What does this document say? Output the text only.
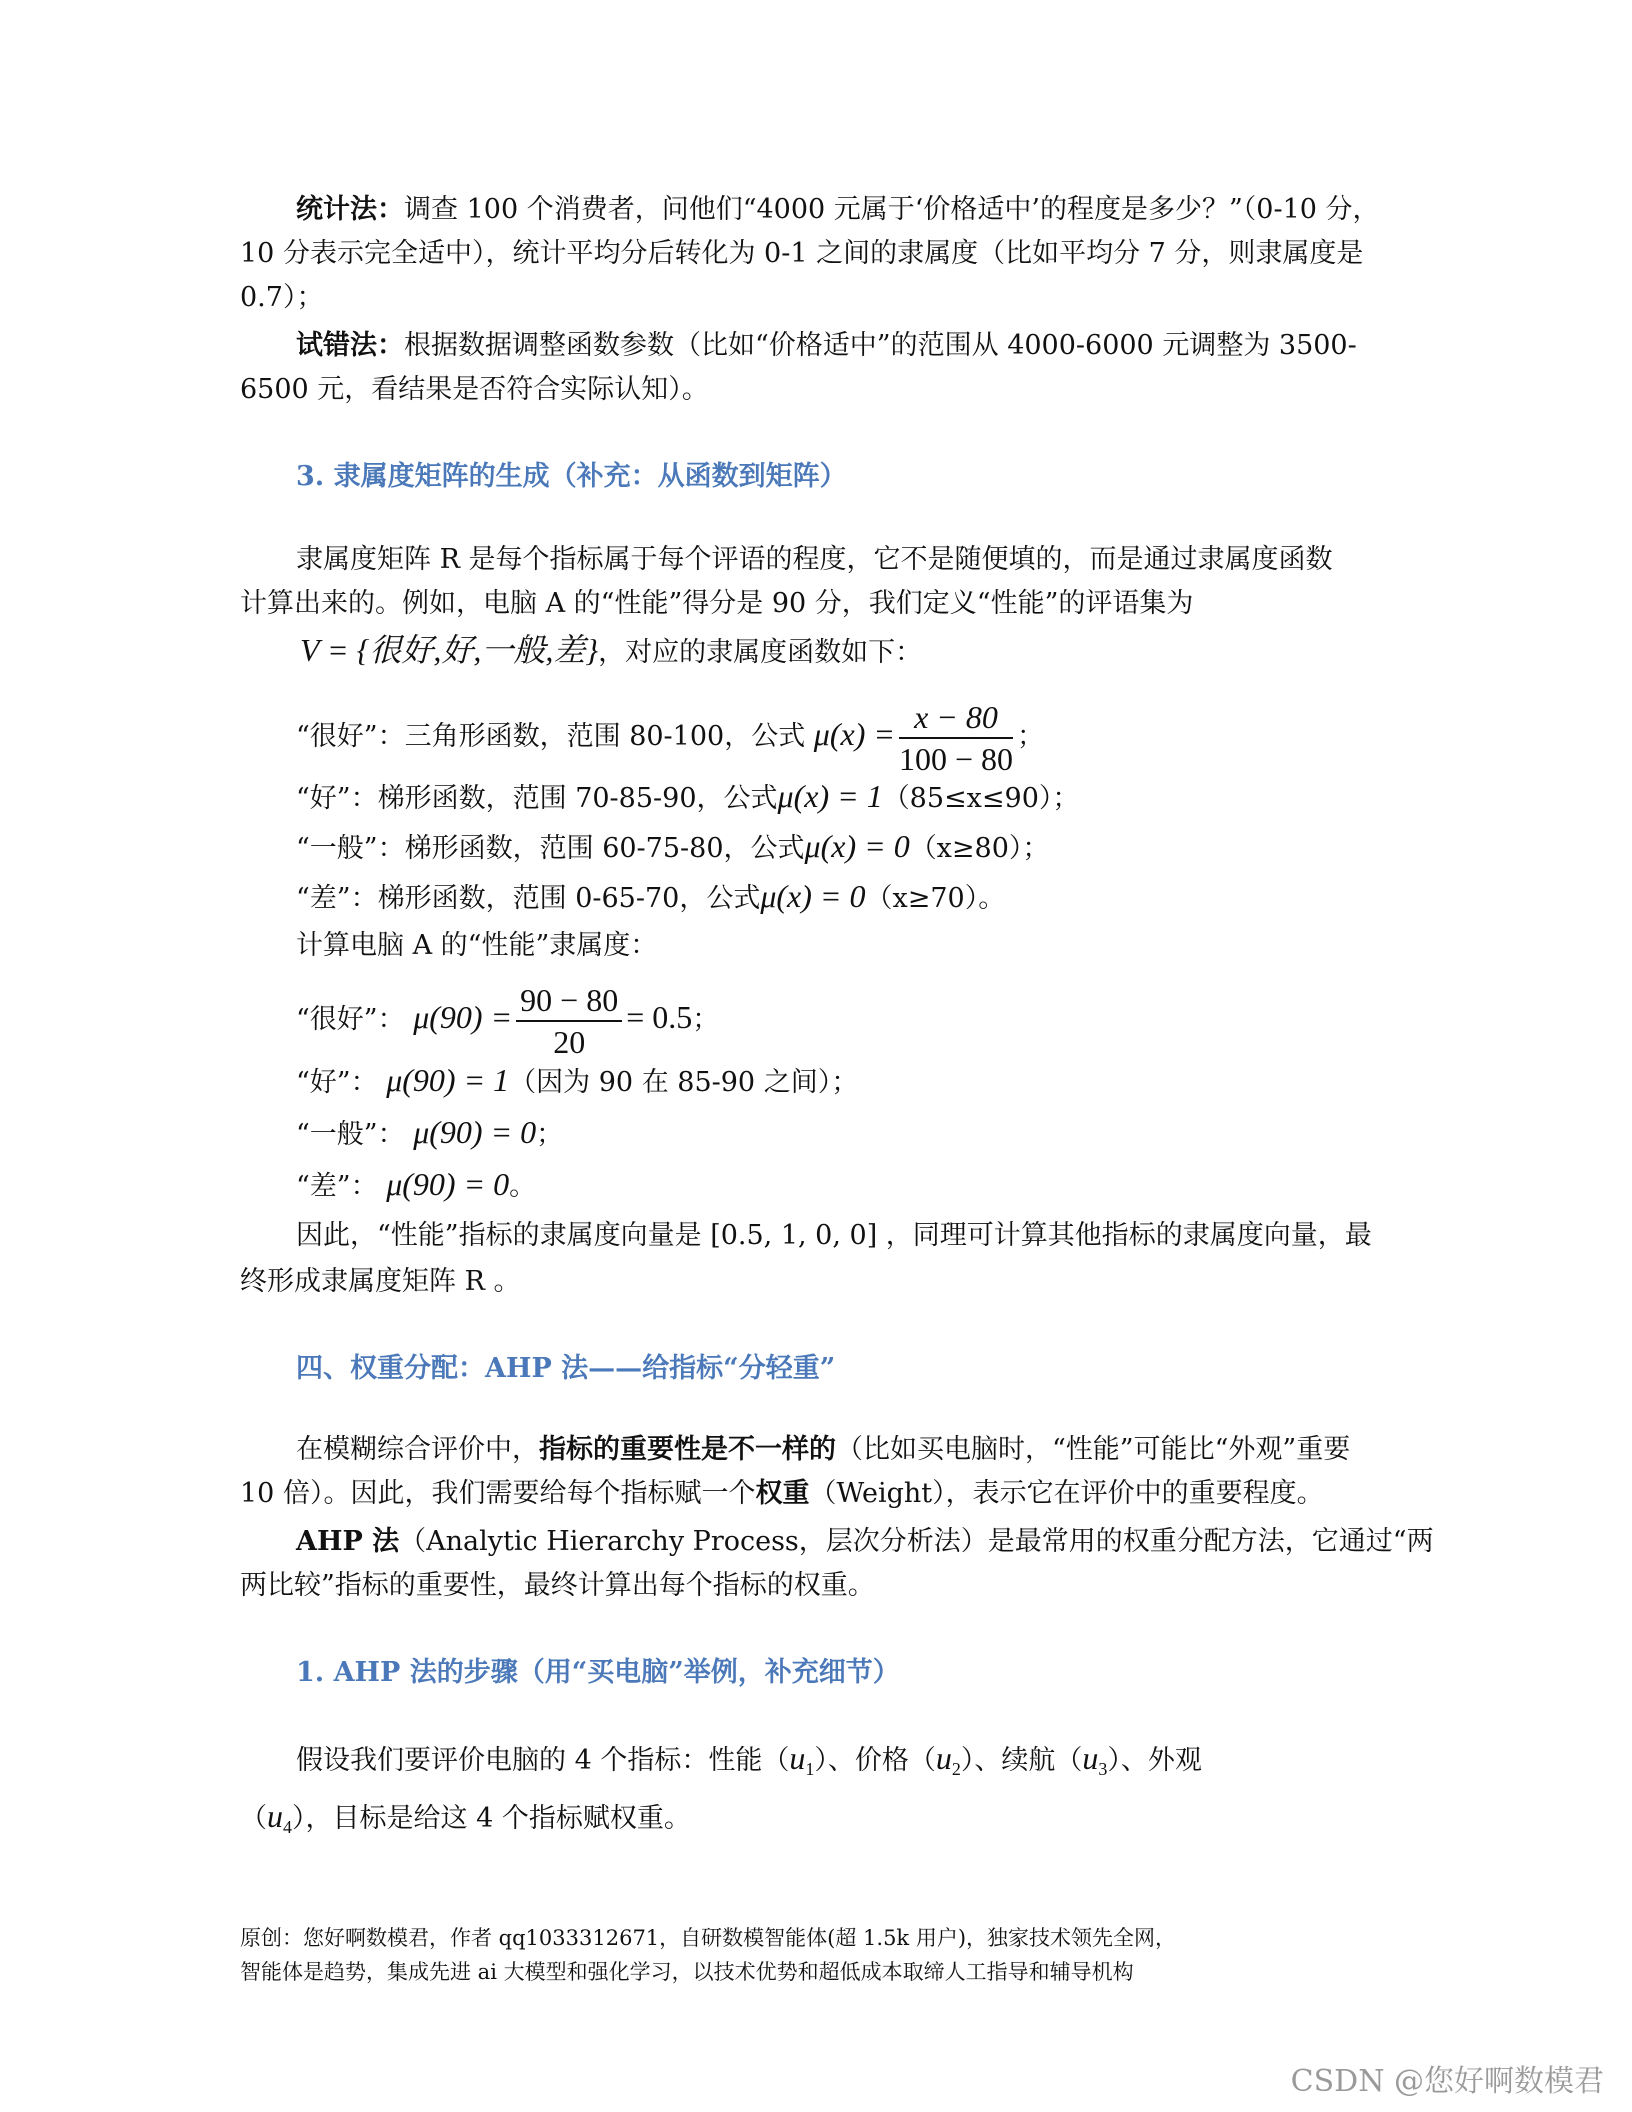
统计法：调查 100 个消费者，问他们“4000 元属于‘价格适中’的程度是多少？”（0-10 分，
10 分表示完全适中），统计平均分后转化为 0-1 之间的隶属度（比如平均分 7 分，则隶属度是
0.7）；
试错法：根据数据调整函数参数（比如“价格适中”的范围从 4000-6000 元调整为 3500-
6500 元，看结果是否符合实际认知）。
3. 隶属度矩阵的生成（补充：从函数到矩阵）
隶属度矩阵 R 是每个指标属于每个评语的程度，它不是随便填的，而是通过隶属度函数
计算出来的。例如，电脑 A 的“性能”得分是 90 分，我们定义“性能”的评语集为
V = {很好,好,一般,差}，对应的隶属度函数如下：
“很好”：三角形函数，范围 80-100，公式 $\mu(x) = \frac{x - 80}{100 - 80}$ ；
“好”：梯形函数，范围 70-85-90，公式μ(x) = 1（85≤x≤90）；
“一般”：梯形函数，范围 60-75-80，公式μ(x) = 0（x≥80）；
“差”：梯形函数，范围 0-65-70，公式μ(x) = 0（x≥70）。
计算电脑 A 的“性能”隶属度：
“很好”： $\mu(90) = \frac{90 - 80}{20} = 0.5$；
“好”： μ(90) = 1（因为 90 在 85-90 之间）；
“一般”： μ(90) = 0；
“差”： μ(90) = 0。
因此，“性能”指标的隶属度向量是 [0.5, 1, 0, 0] ，同理可计算其他指标的隶属度向量，最
终形成隶属度矩阵 R 。
四、权重分配：AHP 法——给指标“分轻重”
在模糊综合评价中，指标的重要性是不一样的（比如买电脑时，“性能”可能比“外观”重要
10 倍）。因此，我们需要给每个指标赋一个权重（Weight），表示它在评价中的重要程度。
AHP 法（Analytic Hierarchy Process，层次分析法）是最常用的权重分配方法，它通过“两
两比较”指标的重要性，最终计算出每个指标的权重。
1. AHP 法的步骤（用“买电脑”举例，补充细节）
假设我们要评价电脑的 4 个指标：性能$(u_1)$、价格$(u_2)$、续航$(u_3)$、外观
$(u_4)$，目标是给这 4 个指标赋权重。
原创：您好啊数模君，作者 qq1033312671，自研数模智能体(超 1.5k 用户)，独家技术领先全网，
智能体是趋势，集成先进 ai 大模型和强化学习，以技术优势和超低成本取缔人工指导和辅导机构
CSDN @您好啊数模君
